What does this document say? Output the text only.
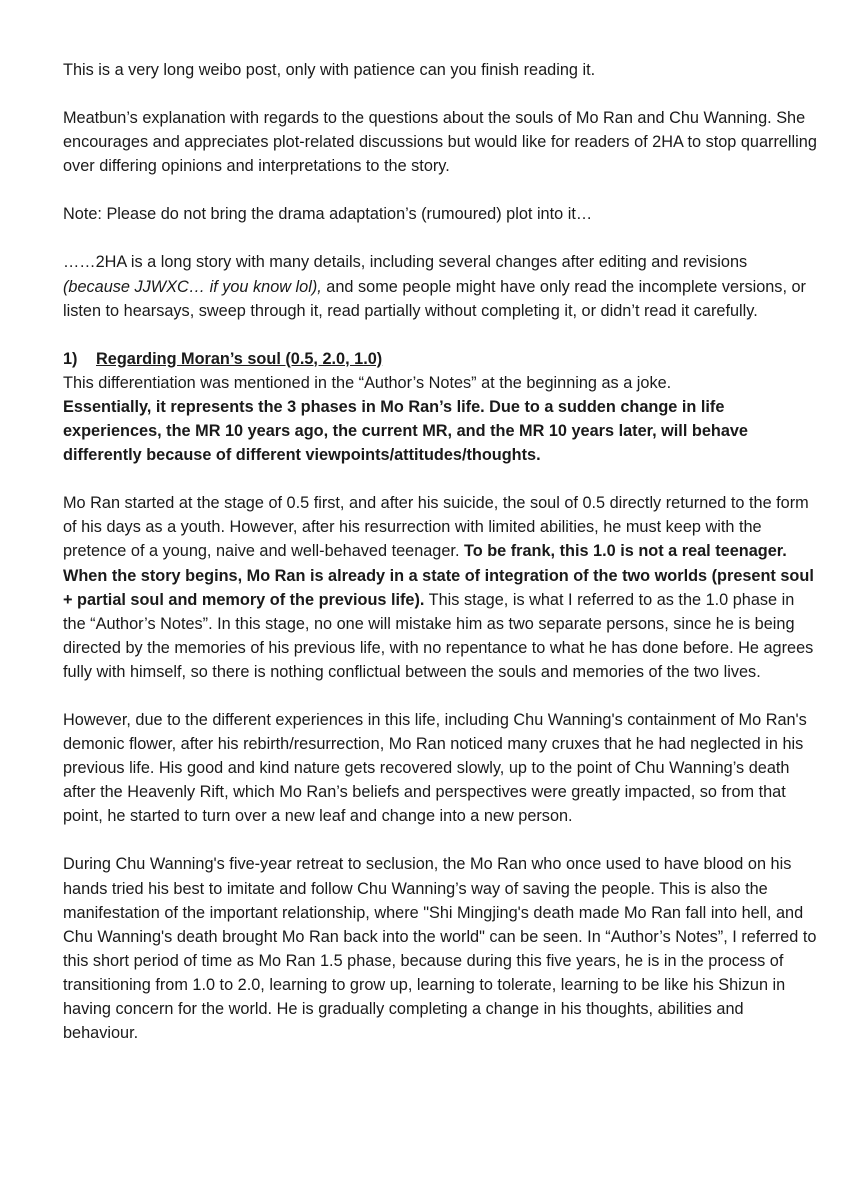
This is a very long weibo post, only with patience can you finish reading it.

Meatbun’s explanation with regards to the questions about the souls of Mo Ran and Chu Wanning. She encourages and appreciates plot-related discussions but would like for readers of 2HA to stop quarrelling over differing opinions and interpretations to the story.

Note: Please do not bring the drama adaptation’s (rumoured) plot into it…

……2HA is a long story with many details, including several changes after editing and revisions (because JJWXC… if you know lol), and some people might have only read the incomplete versions, or listen to hearsays, sweep through it, read partially without completing it, or didn’t read it carefully.

1)	Regarding Moran’s soul (0.5, 2.0, 1.0)

This differentiation was mentioned in the “Author’s Notes” at the beginning as a joke.

Essentially, it represents the 3 phases in Mo Ran’s life. Due to a sudden change in life experiences, the MR 10 years ago, the current MR, and the MR 10 years later, will behave differently because of different viewpoints/attitudes/thoughts.

Mo Ran started at the stage of 0.5 first, and after his suicide, the soul of 0.5 directly returned to the form of his days as a youth. However, after his resurrection with limited abilities, he must keep with the pretence of a young, naive and well-behaved teenager. To be frank, this 1.0 is not a real teenager. When the story begins, Mo Ran is already in a state of integration of the two worlds (present soul + partial soul and memory of the previous life). This stage, is what I referred to as the 1.0 phase in the “Author’s Notes”. In this stage, no one will mistake him as two separate persons, since he is being directed by the memories of his previous life, with no repentance to what he has done before. He agrees fully with himself, so there is nothing conflictual between the souls and memories of the two lives.

However, due to the different experiences in this life, including Chu Wanning's containment of Mo Ran's demonic flower, after his rebirth/resurrection, Mo Ran noticed many cruxes that he had neglected in his previous life. His good and kind nature gets recovered slowly, up to the point of Chu Wanning’s death after the Heavenly Rift, which Mo Ran’s beliefs and perspectives were greatly impacted, so from that point, he started to turn over a new leaf and change into a new person.

During Chu Wanning's five-year retreat to seclusion, the Mo Ran who once used to have blood on his hands tried his best to imitate and follow Chu Wanning’s way of saving the people. This is also the manifestation of the important relationship, where "Shi Mingjing's death made Mo Ran fall into hell, and Chu Wanning's death brought Mo Ran back into the world" can be seen. In “Author’s Notes”, I referred to this short period of time as Mo Ran 1.5 phase, because during this five years, he is in the process of transitioning from 1.0 to 2.0, learning to grow up, learning to tolerate, learning to be like his Shizun in having concern for the world. He is gradually completing a change in his thoughts, abilities and behaviour.
